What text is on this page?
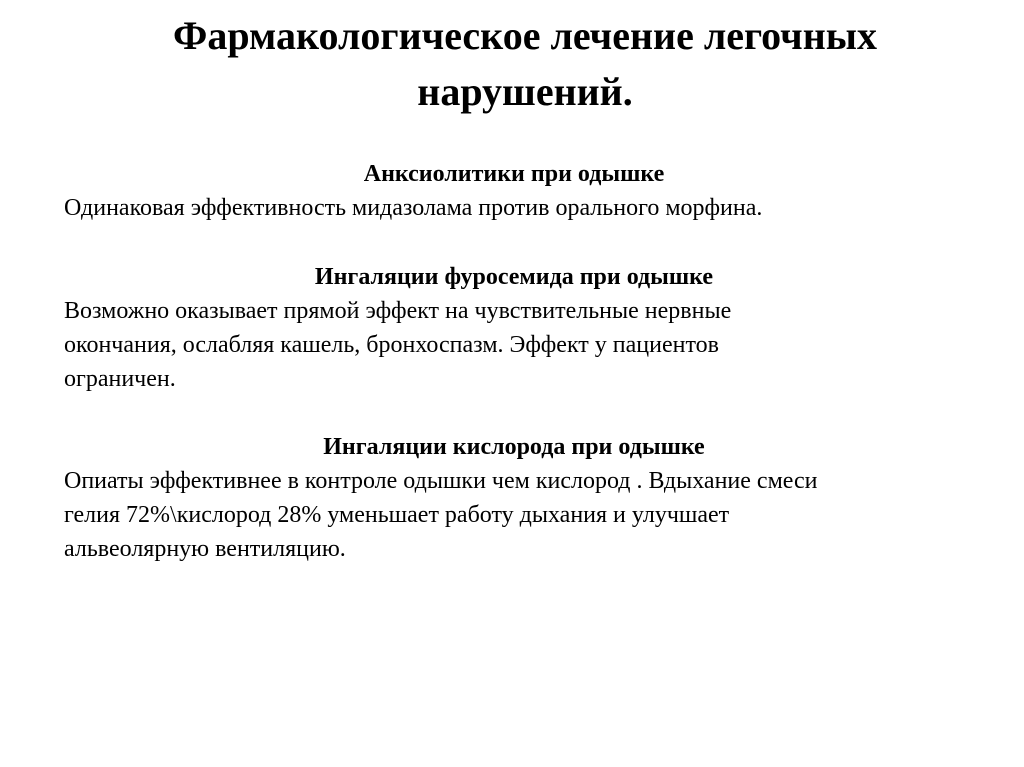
Фармакологическое лечение легочных
нарушений.

Анксиолитики при одышке

Одинаковая эффективность мидазолама против орального морфина.

Ингаляции фуросемида при одышке

Возможно оказывает прямой эффект на чувствительные нервные
окончания, ослабляя кашель, бронхоспазм. Эффект у пациентов
ограничен.

Ингаляции кислорода при одышке

Опиаты эффективнее в контроле одышки чем кислород . Вдыхание смеси
гелия 72%\кислород 28% уменьшает работу дыхания и улучшает
альвеолярную вентиляцию.
